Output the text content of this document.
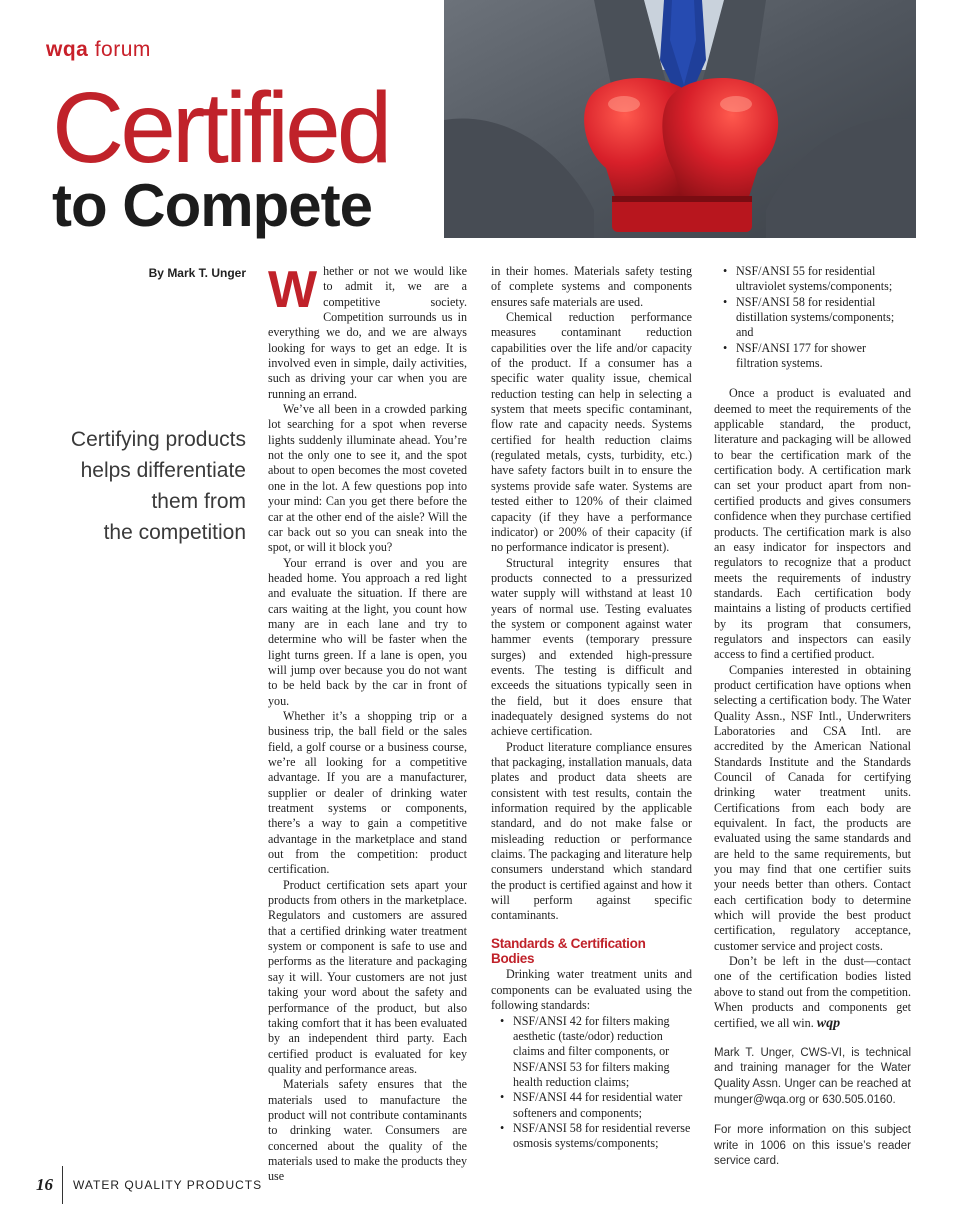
wqa forum
Certified
to Compete
By Mark T. Unger
Certifying products
helps differentiate
them from
the competition

Whether or not we would like to admit it, we are a competitive society. Competition surrounds us in everything we do, and we are always looking for ways to get an edge. It is involved even in simple, daily activities, such as driving your car when you are running an errand.

We’ve all been in a crowded parking lot searching for a spot when reverse lights suddenly illuminate ahead. You’re not the only one to see it, and the spot about to open becomes the most coveted one in the lot. A few questions pop into your mind: Can you get there before the car at the other end of the aisle? Will the car back out so you can sneak into the spot, or will it block you?

Your errand is over and you are headed home. You approach a red light and evaluate the situation. If there are cars waiting at the light, you count how many are in each lane and try to determine who will be faster when the light turns green. If a lane is open, you will jump over because you do not want to be held back by the car in front of you.

Whether it’s a shopping trip or a business trip, the ball field or the sales field, a golf course or a business course, we’re all looking for a competitive advantage. If you are a manufacturer, supplier or dealer of drinking water treatment systems or components, there’s a way to gain a competitive advantage in the marketplace and stand out from the competition: product certification.

Product certification sets apart your products from others in the marketplace. Regulators and customers are assured that a certified drinking water treatment system or component is safe to use and performs as the literature and packaging say it will. Your customers are not just taking your word about the safety and performance of the product, but also taking comfort that it has been evaluated by an independent third party. Each certified product is evaluated for key quality and performance areas.

Materials safety ensures that the materials used to manufacture the product will not contribute contaminants to drinking water. Consumers are concerned about the quality of the materials used to make the products they use

in their homes. Materials safety testing of complete systems and components ensures safe materials are used.

Chemical reduction performance measures contaminant reduction capabilities over the life and/or capacity of the product. If a consumer has a specific water quality issue, chemical reduction testing can help in selecting a system that meets specific contaminant, flow rate and capacity needs. Systems certified for health reduction claims (regulated metals, cysts, turbidity, etc.) have safety factors built in to ensure the systems provide safe water. Systems are tested either to 120% of their claimed capacity (if they have a performance indicator) or 200% of their capacity (if no performance indicator is present).

Structural integrity ensures that products connected to a pressurized water supply will withstand at least 10 years of normal use. Testing evaluates the system or component against water hammer events (temporary pressure surges) and extended high-pressure events. The testing is difficult and exceeds the situations typically seen in the field, but it does ensure that inadequately designed systems do not achieve certification.

Product literature compliance ensures that packaging, installation manuals, data plates and product data sheets are consistent with test results, contain the information required by the applicable standard, and do not make false or misleading reduction or performance claims. The packaging and literature help consumers understand which standard the product is certified against and how it will perform against specific contaminants.

Standards & Certification Bodies

Drinking water treatment units and components can be evaluated using the following standards:

• NSF/ANSI 42 for filters making aesthetic (taste/odor) reduction claims and filter components, or NSF/ANSI 53 for filters making health reduction claims;
• NSF/ANSI 44 for residential water softeners and components;
• NSF/ANSI 58 for residential reverse osmosis systems/components;
• NSF/ANSI 55 for residential ultraviolet systems/components;
• NSF/ANSI 58 for residential distillation systems/components; and
• NSF/ANSI 177 for shower filtration systems.

Once a product is evaluated and deemed to meet the requirements of the applicable standard, the product, literature and packaging will be allowed to bear the certification mark of the certification body. A certification mark can set your product apart from non-certified products and gives consumers confidence when they purchase certified products. The certification mark is also an easy indicator for inspectors and regulators to recognize that a product meets the requirements of industry standards. Each certification body maintains a listing of products certified by its program that consumers, regulators and inspectors can easily access to find a certified product.

Companies interested in obtaining product certification have options when selecting a certification body. The Water Quality Assn., NSF Intl., Underwriters Laboratories and CSA Intl. are accredited by the American National Standards Institute and the Standards Council of Canada for certifying drinking water treatment units. Certifications from each body are equivalent. In fact, the products are evaluated using the same standards and are held to the same requirements, but you may find that one certifier suits your needs better than others. Contact each certification body to determine which will provide the best product certification, regulatory acceptance, customer service and project costs.

Don’t be left in the dust—contact one of the certification bodies listed above to stand out from the competition. When products and components get certified, we all win. wqp

Mark T. Unger, CWS-VI, is technical and training manager for the Water Quality Assn. Unger can be reached at munger@wqa.org or 630.505.0160.

For more information on this subject write in 1006 on this issue’s reader service card.

16	WATER QUALITY PRODUCTS
